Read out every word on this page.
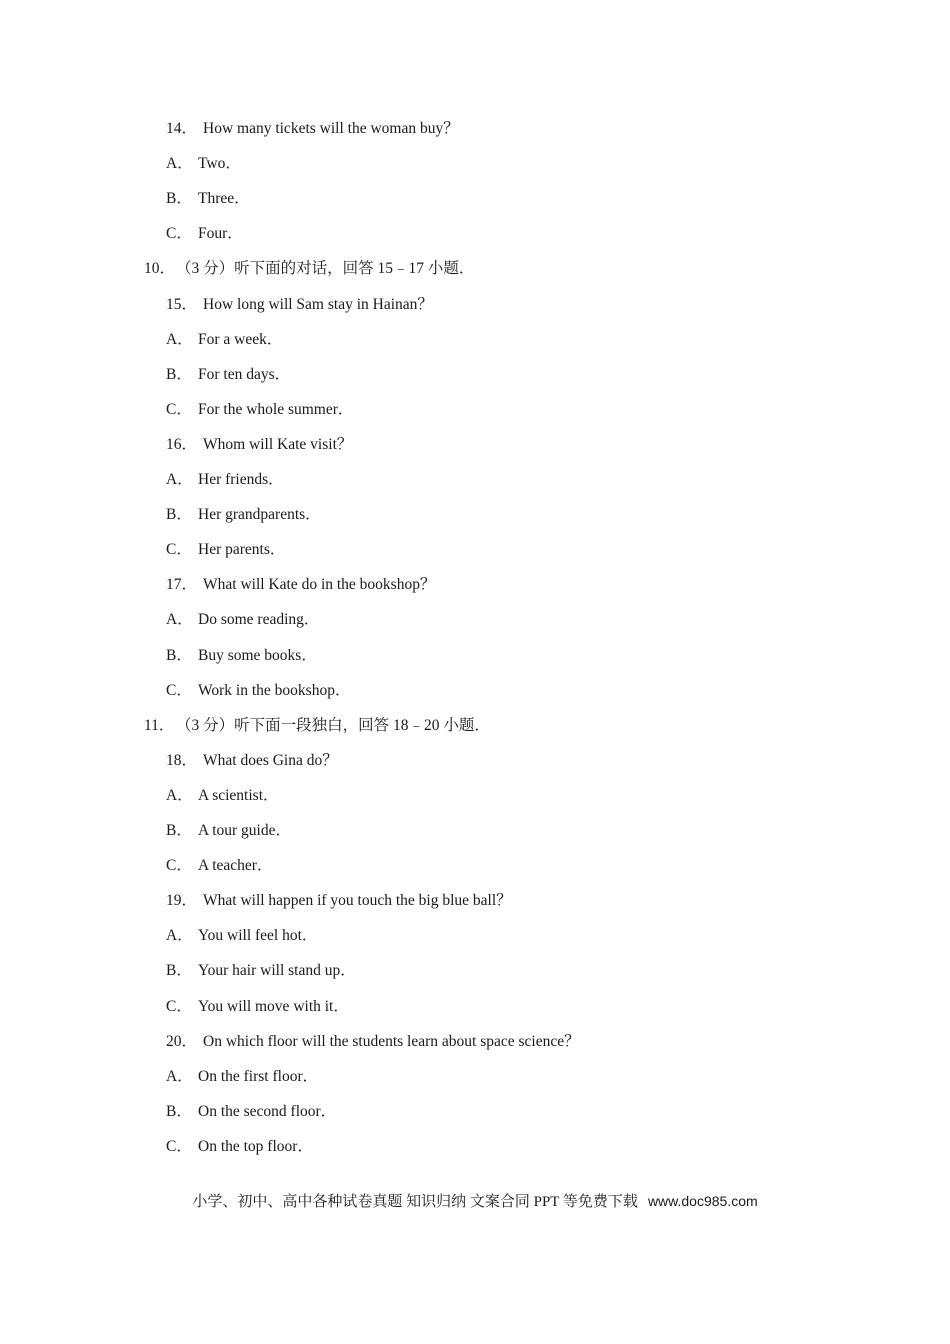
14． How many tickets will the woman buy？
A． Two．
B． Three．
C． Four．
10．（3 分）听下面的对话，回答 15﹣17 小题．
15． How long will Sam stay in Hainan？
A． For a week．
B． For ten days．
C． For the whole summer．
16． Whom will Kate visit？
A． Her friends．
B． Her grandparents．
C． Her parents．
17． What will Kate do in the bookshop？
A． Do some reading．
B． Buy some books．
C． Work in the bookshop．
11． （3 分）听下面一段独白，回答 18﹣20 小题．
18． What does Gina do？
A． A scientist．
B． A tour guide．
C． A teacher．
19． What will happen if you touch the big blue ball？
A． You will feel hot．
B． Your hair will stand up．
C． You will move with it．
20． On which floor will the students learn about space science？
A． On the first floor．
B． On the second floor．
C． On the top floor．
小学、初中、高中各种试卷真题 知识归纳 文案合同 PPT 等免费下载 www.doc985.com
